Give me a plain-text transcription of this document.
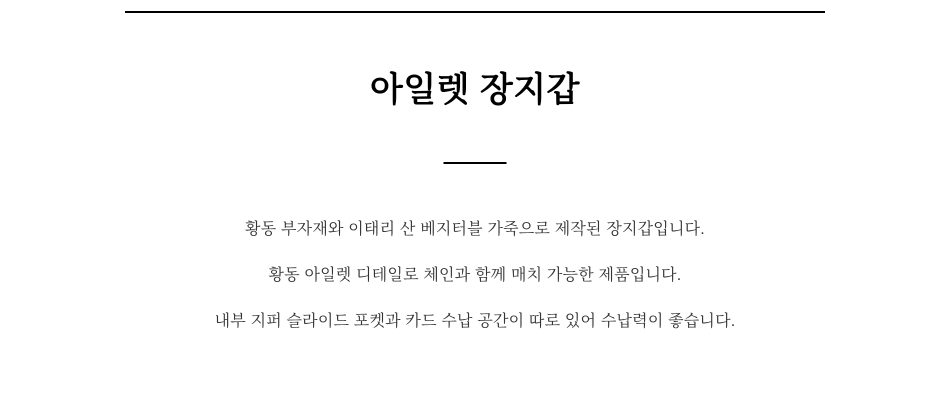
아일렛 장지갑

황동 부자재와 이태리 산 베지터블 가죽으로 제작된 장지갑입니다.

황동 아일렛 디테일로 체인과 함께 매치 가능한 제품입니다.

내부 지퍼 슬라이드 포켓과 카드 수납 공간이 따로 있어 수납력이 좋습니다.
